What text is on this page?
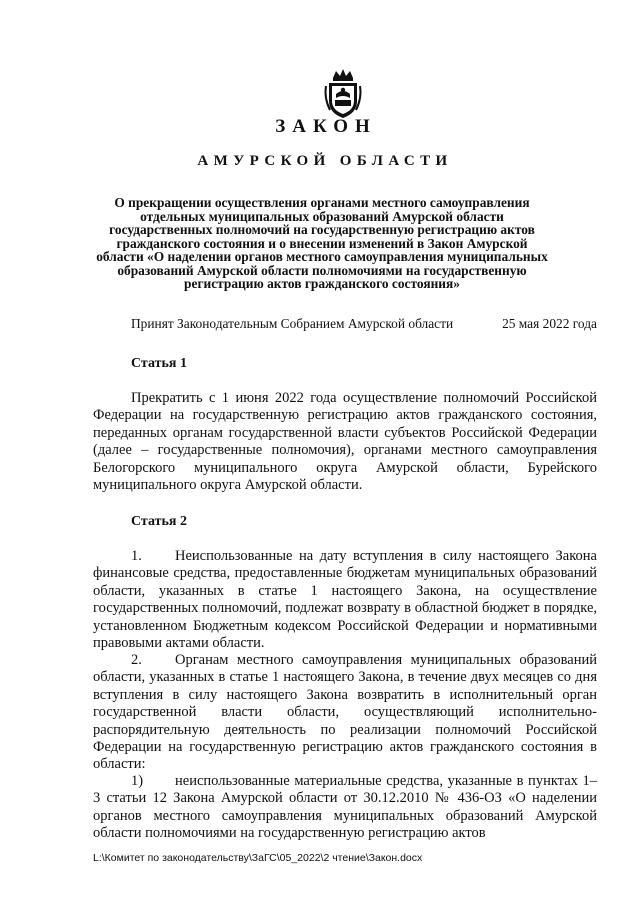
ЗАКОН
АМУРСКОЙ ОБЛАСТИ
О прекращении осуществления органами местного самоуправления отдельных муниципальных образований Амурской области государственных полномочий на государственную регистрацию актов гражданского состояния и о внесении изменений в Закон Амурской области «О наделении органов местного самоуправления муниципальных образований Амурской области полномочиями на государственную регистрацию актов гражданского состояния»
Принят Законодательным Собранием Амурской области	25 мая 2022 года
Статья 1

Прекратить с 1 июня 2022 года осуществление полномочий Российской Федерации на государственную регистрацию актов гражданского состояния, переданных органам государственной власти субъектов Российской Федерации (далее – государственные полномочия), органами местного самоуправления Белогорского муниципального округа Амурской области, Бурейского муниципального округа Амурской области.

Статья 2

1. Неиспользованные на дату вступления в силу настоящего Закона финансовые средства, предоставленные бюджетам муниципальных образований области, указанных в статье 1 настоящего Закона, на осуществление государственных полномочий, подлежат возврату в областной бюджет в порядке, установленном Бюджетным кодексом Российской Федерации и нормативными правовыми актами области.

2. Органам местного самоуправления муниципальных образований области, указанных в статье 1 настоящего Закона, в течение двух месяцев со дня вступления в силу настоящего Закона возвратить в исполнительный орган государственной власти области, осуществляющий исполнительно-распорядительную деятельность по реализации полномочий Российской Федерации на государственную регистрацию актов гражданского состояния в области:

1) неиспользованные материальные средства, указанные в пунктах 1–3 статьи 12 Закона Амурской области от 30.12.2010 № 436-ОЗ «О наделении органов местного самоуправления муниципальных образований Амурской области полномочиями на государственную регистрацию актов

L:\Комитет по законодательству\ЗаГС\05_2022\2 чтение\Закон.docx
